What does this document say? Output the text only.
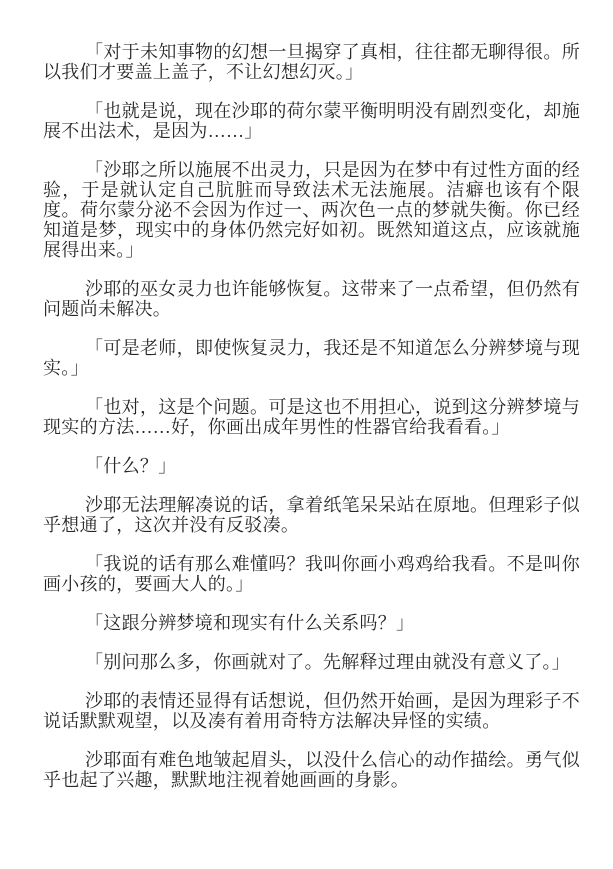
「对于未知事物的幻想一旦揭穿了真相，往往都无聊得很。所以我们才要盖上盖子，不让幻想幻灭。」

「也就是说，现在沙耶的荷尔蒙平衡明明没有剧烈变化，却施展不出法术，是因为……」

「沙耶之所以施展不出灵力，只是因为在梦中有过性方面的经验，于是就认定自己肮脏而导致法术无法施展。洁癖也该有个限度。荷尔蒙分泌不会因为作过一、两次色一点的梦就失衡。你已经知道是梦，现实中的身体仍然完好如初。既然知道这点，应该就施展得出来。」

沙耶的巫女灵力也许能够恢复。这带来了一点希望，但仍然有问题尚未解决。

「可是老师，即使恢复灵力，我还是不知道怎么分辨梦境与现实。」

「也对，这是个问题。可是这也不用担心，说到这分辨梦境与现实的方法……好，你画出成年男性的性器官给我看看。」

「什么？」

沙耶无法理解凑说的话，拿着纸笔呆呆站在原地。但理彩子似乎想通了，这次并没有反驳凑。

「我说的话有那么难懂吗？我叫你画小鸡鸡给我看。不是叫你画小孩的，要画大人的。」

「这跟分辨梦境和现实有什么关系吗？」

「别问那么多，你画就对了。先解释过理由就没有意义了。」

沙耶的表情还显得有话想说，但仍然开始画，是因为理彩子不说话默默观望，以及凑有着用奇特方法解决异怪的实绩。

沙耶面有难色地皱起眉头，以没什么信心的动作描绘。勇气似乎也起了兴趣，默默地注视着她画画的身影。
